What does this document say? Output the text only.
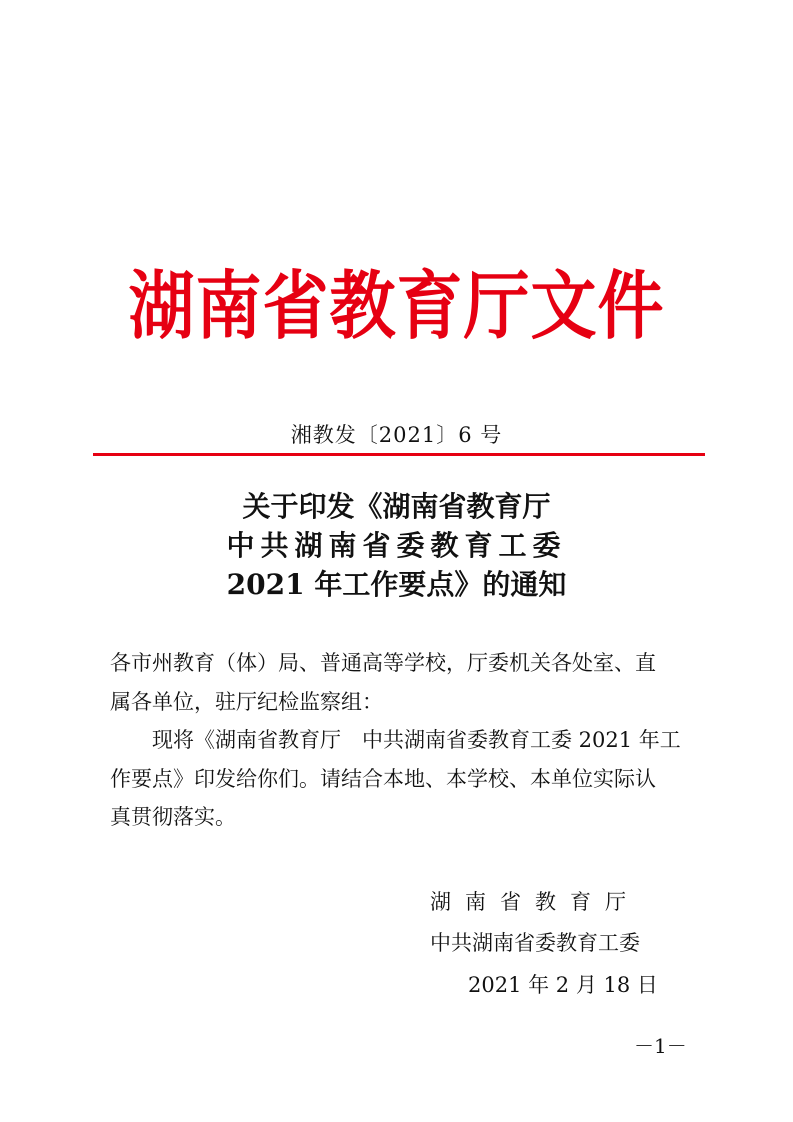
湖南省教育厅文件
湘教发〔2021〕6 号
关于印发《湖南省教育厅
中共湖南省委教育工委
2021 年工作要点》的通知
各市州教育（体）局、普通高等学校，厅委机关各处室、直
属各单位，驻厅纪检监察组：
现将《湖南省教育厅　中共湖南省委教育工委 2021 年工
作要点》印发给你们。请结合本地、本学校、本单位实际认
真贯彻落实。
湖南省教育厅
中共湖南省委教育工委
2021 年 2 月 18 日
－1－
